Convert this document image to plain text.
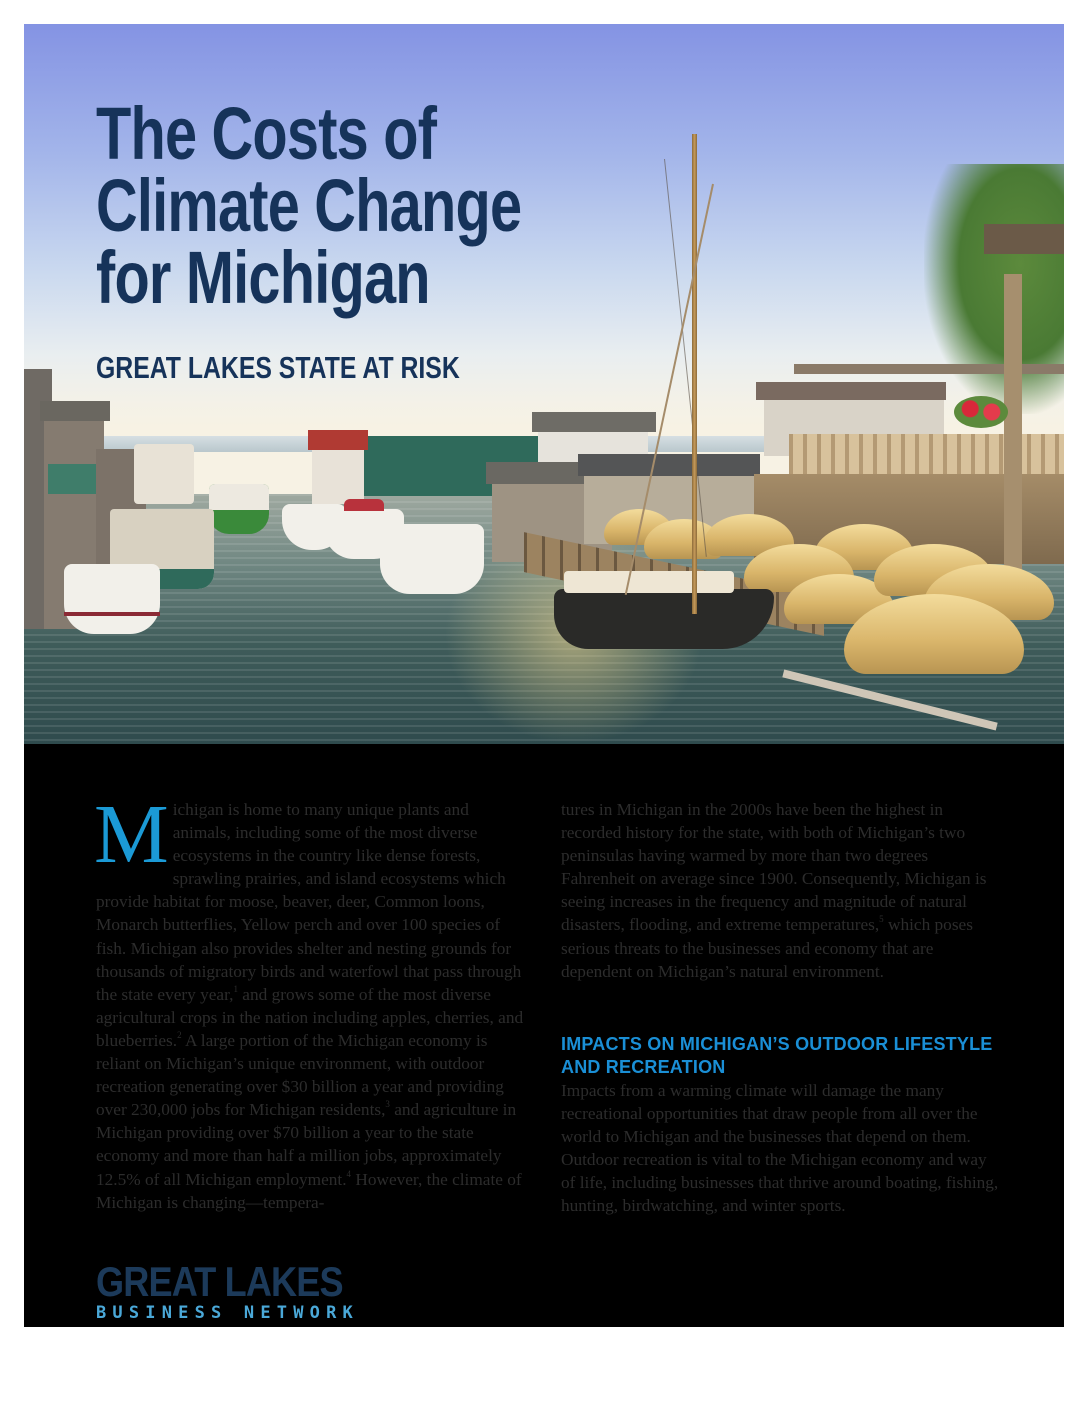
The Costs of
Climate Change
for Michigan
GREAT LAKES STATE AT RISK

Michigan is home to many unique plants and animals, including some of the most diverse ecosystems in the country like dense forests, sprawling prairies, and island ecosystems which provide habitat for moose, beaver, deer, Common loons, Monarch butterflies, Yellow perch and over 100 species of fish. Michigan also provides shelter and nesting grounds for thousands of migratory birds and waterfowl that pass through the state every year,$^1$ and grows some of the most diverse agricultural crops in the nation including apples, cherries, and blueberries.$^2$ A large portion of the Michigan economy is reliant on Michigan’s unique environment, with outdoor recreation generating over $30 billion a year and providing over 230,000 jobs for Michigan residents,$^3$ and agriculture in Michigan providing over $70 billion a year to the state economy and more than half a million jobs, approximately 12.5% of all Michigan employment.$^4$ However, the climate of Michigan is changing—tempera-

tures in Michigan in the 2000s have been the highest in recorded history for the state, with both of Michigan’s two peninsulas having warmed by more than two degrees Fahrenheit on average since 1900. Consequently, Michigan is seeing increases in the frequency and magnitude of natural disasters, flooding, and extreme temperatures,$^5$ which poses serious threats to the businesses and economy that are dependent on Michigan’s natural environment.

IMPACTS ON MICHIGAN’S OUTDOOR LIFESTYLE AND RECREATION

Impacts from a warming climate will damage the many recreational opportunities that draw people from all over the world to Michigan and the businesses that depend on them. Outdoor recreation is vital to the Michigan economy and way of life, including businesses that thrive around boating, fishing, hunting, birdwatching, and winter sports.

GREAT LAKES
BUSINESS NETWORK
